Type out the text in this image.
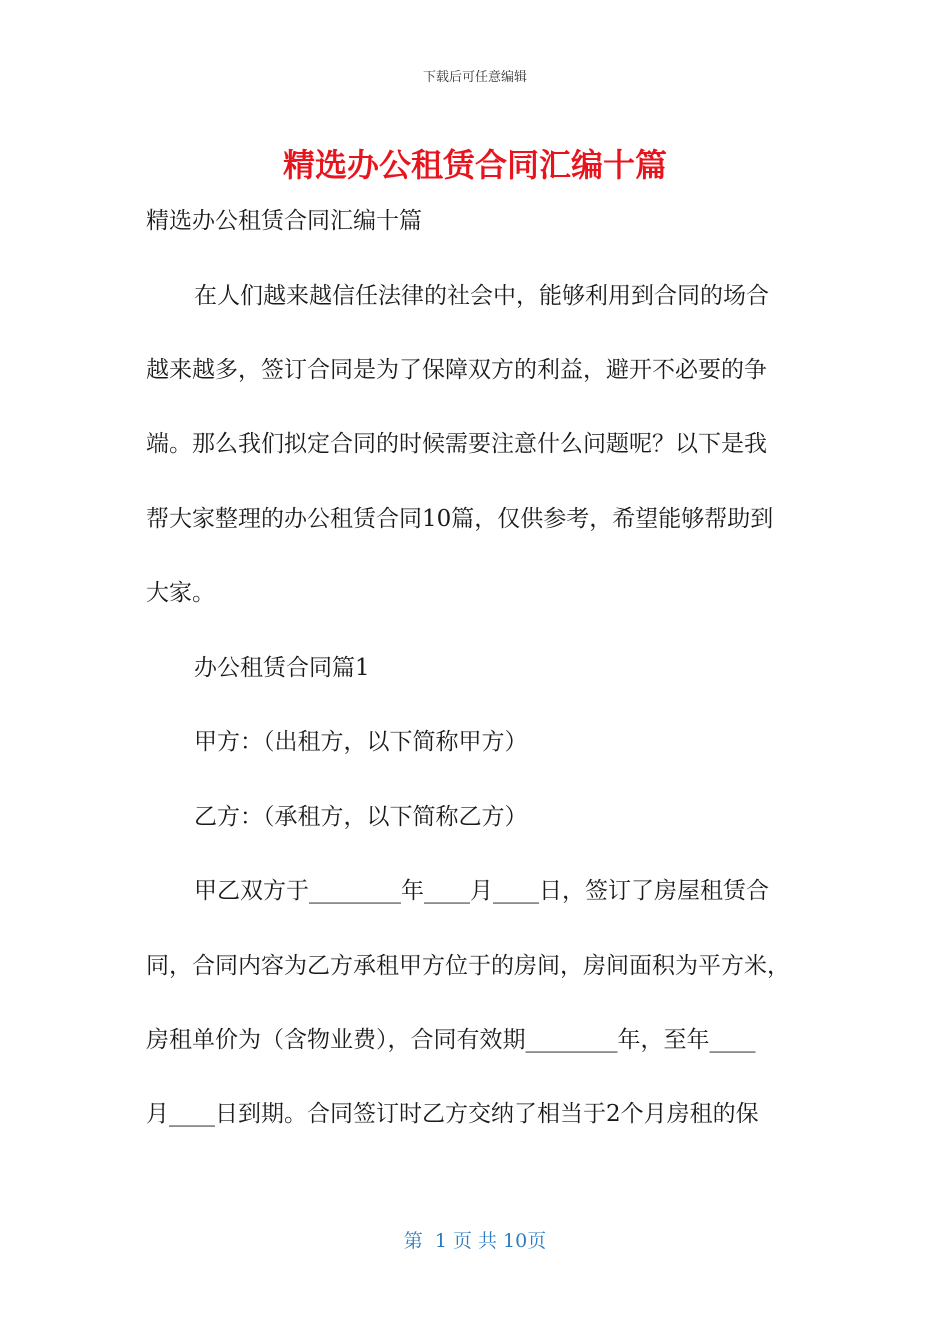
下载后可任意编辑
精选办公租赁合同汇编十篇
精选办公租赁合同汇编十篇
在人们越来越信任法律的社会中，能够利用到合同的场合
越来越多，签订合同是为了保障双方的利益，避开不必要的争
端。那么我们拟定合同的时候需要注意什么问题呢？以下是我
帮大家整理的办公租赁合同10篇，仅供参考，希望能够帮助到
大家。
办公租赁合同篇1
甲方：（出租方，以下简称甲方）
乙方：（承租方，以下简称乙方）
甲乙双方于________年____月____日，签订了房屋租赁合
同，合同内容为乙方承租甲方位于的房间，房间面积为平方米，
房租单价为（含物业费），合同有效期________年，至年____
月____日到期。合同签订时乙方交纳了相当于2个月房租的保
第  1 页 共 10页
